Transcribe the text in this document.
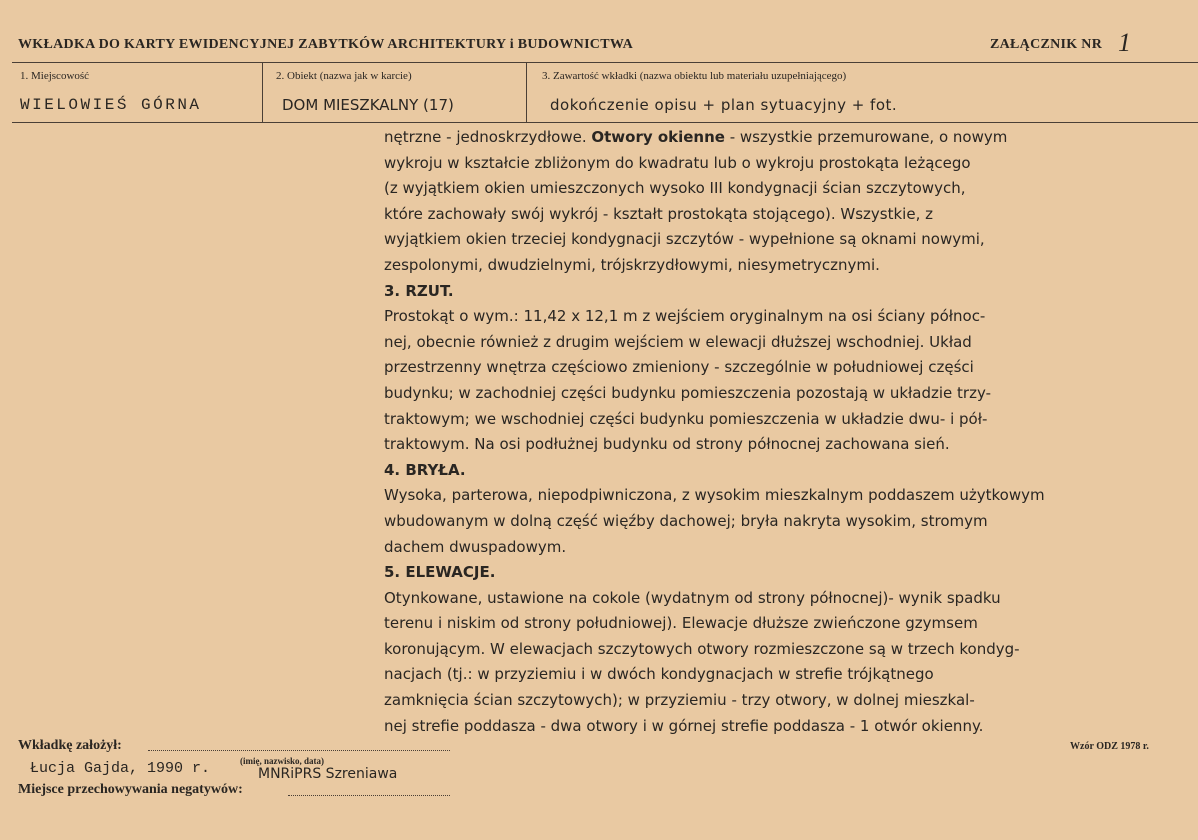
WKŁADKA DO KARTY EWIDENCYJNEJ ZABYTKÓW ARCHITEKTURY i BUDOWNICTWA	ZAŁĄCZNIK NR 1
1. Miejscowość
WIELOWIEŚ GÓRNA
2. Obiekt (nazwa jak w karcie)
DOM MIESZKALNY (17)
3. Zawartość wkładki (nazwa obiektu lub materiału uzupełniającego)
dokończenie opisu + plan sytuacyjny + fot.
nętrzne - jednoskrzydłowe. Otwory okienne - wszystkie przemurowane, o nowym
wykroju w kształcie zbliżonym do kwadratu lub o wykroju prostokąta leżącego
(z wyjątkiem okien umieszczonych wysoko III kondygnacji ścian szczytowych,
które zachowały swój wykrój - kształt prostokąta stojącego). Wszystkie, z
wyjątkiem okien trzeciej kondygnacji szczytów - wypełnione są oknami nowymi,
zespolonymi, dwudzielnymi, trójskrzydłowymi, niesymetrycznymi.
3. RZUT.
Prostokąt o wym.: 11,42 x 12,1 m z wejściem oryginalnym na osi ściany północ-
nej, obecnie również z drugim wejściem w elewacji dłuższej wschodniej. Układ
przestrzenny wnętrza częściowo zmieniony - szczególnie w południowej części
budynku; w zachodniej części budynku pomieszczenia pozostają w układzie trzy-
traktowym; we wschodniej części budynku pomieszczenia w układzie dwu- i pół-
traktowym. Na osi podłużnej budynku od strony północnej zachowana sień.
4. BRYŁA.
Wysoka, parterowa, niepodpiwniczona, z wysokim mieszkalnym poddaszem użytkowym
wbudowanym w dolną część więźby dachowej; bryła nakryta wysokim, stromym
dachem dwuspadowym.
5. ELEWACJE.
Otynkowane, ustawione na cokole (wydatnym od strony północnej)- wynik spadku
terenu i niskim od strony południowej). Elewacje dłuższe zwieńczone gzymsem
koronującym. W elewacjach szczytowych otwory rozmieszczone są w trzech kondyg-
nacjach (tj.: w przyziemiu i w dwóch kondygnacjach w strefie trójkątnego
zamknięcia ścian szczytowych); w przyziemiu - trzy otwory, w dolnej mieszkal-
nej strefie poddasza - dwa otwory i w górnej strefie poddasza - 1 otwór okienny.
Wkładkę założył:	Wzór ODZ 1978 r.
Łucja Gajda, 1990 r.	(imię, nazwisko, data)
MNRiPRS Szreniawa
Miejsce przechowywania negatywów:
